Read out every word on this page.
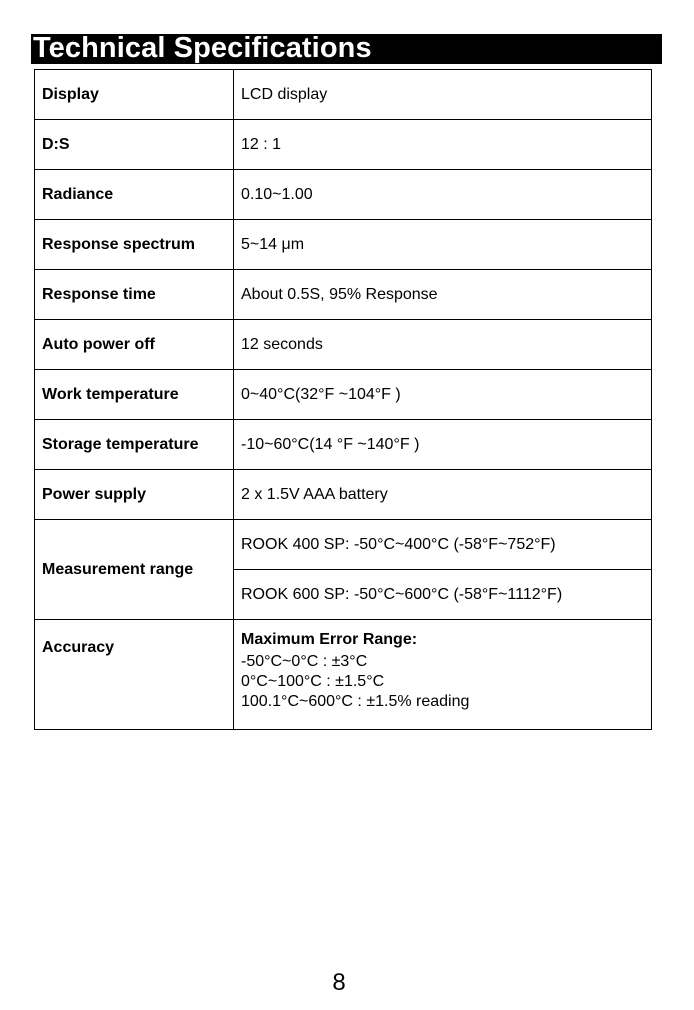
Technical Specifications
Display	LCD display
D:S	12 : 1
Radiance	0.10~1.00
Response spectrum	5~14 μm
Response time	About 0.5S, 95% Response
Auto power off	12 seconds
Work temperature	0~40°C(32°F ~104°F )
Storage temperature	-10~60°C(14 °F ~140°F )
Power supply	2 x 1.5V AAA battery
Measurement range	ROOK 400 SP: -50°C~400°C (-58°F~752°F)
	ROOK 600 SP: -50°C~600°C (-58°F~1112°F)
Accuracy	Maximum Error Range:
-50°C~0°C : ±3°C
0°C~100°C : ±1.5°C
100.1°C~600°C : ±1.5% reading
8
